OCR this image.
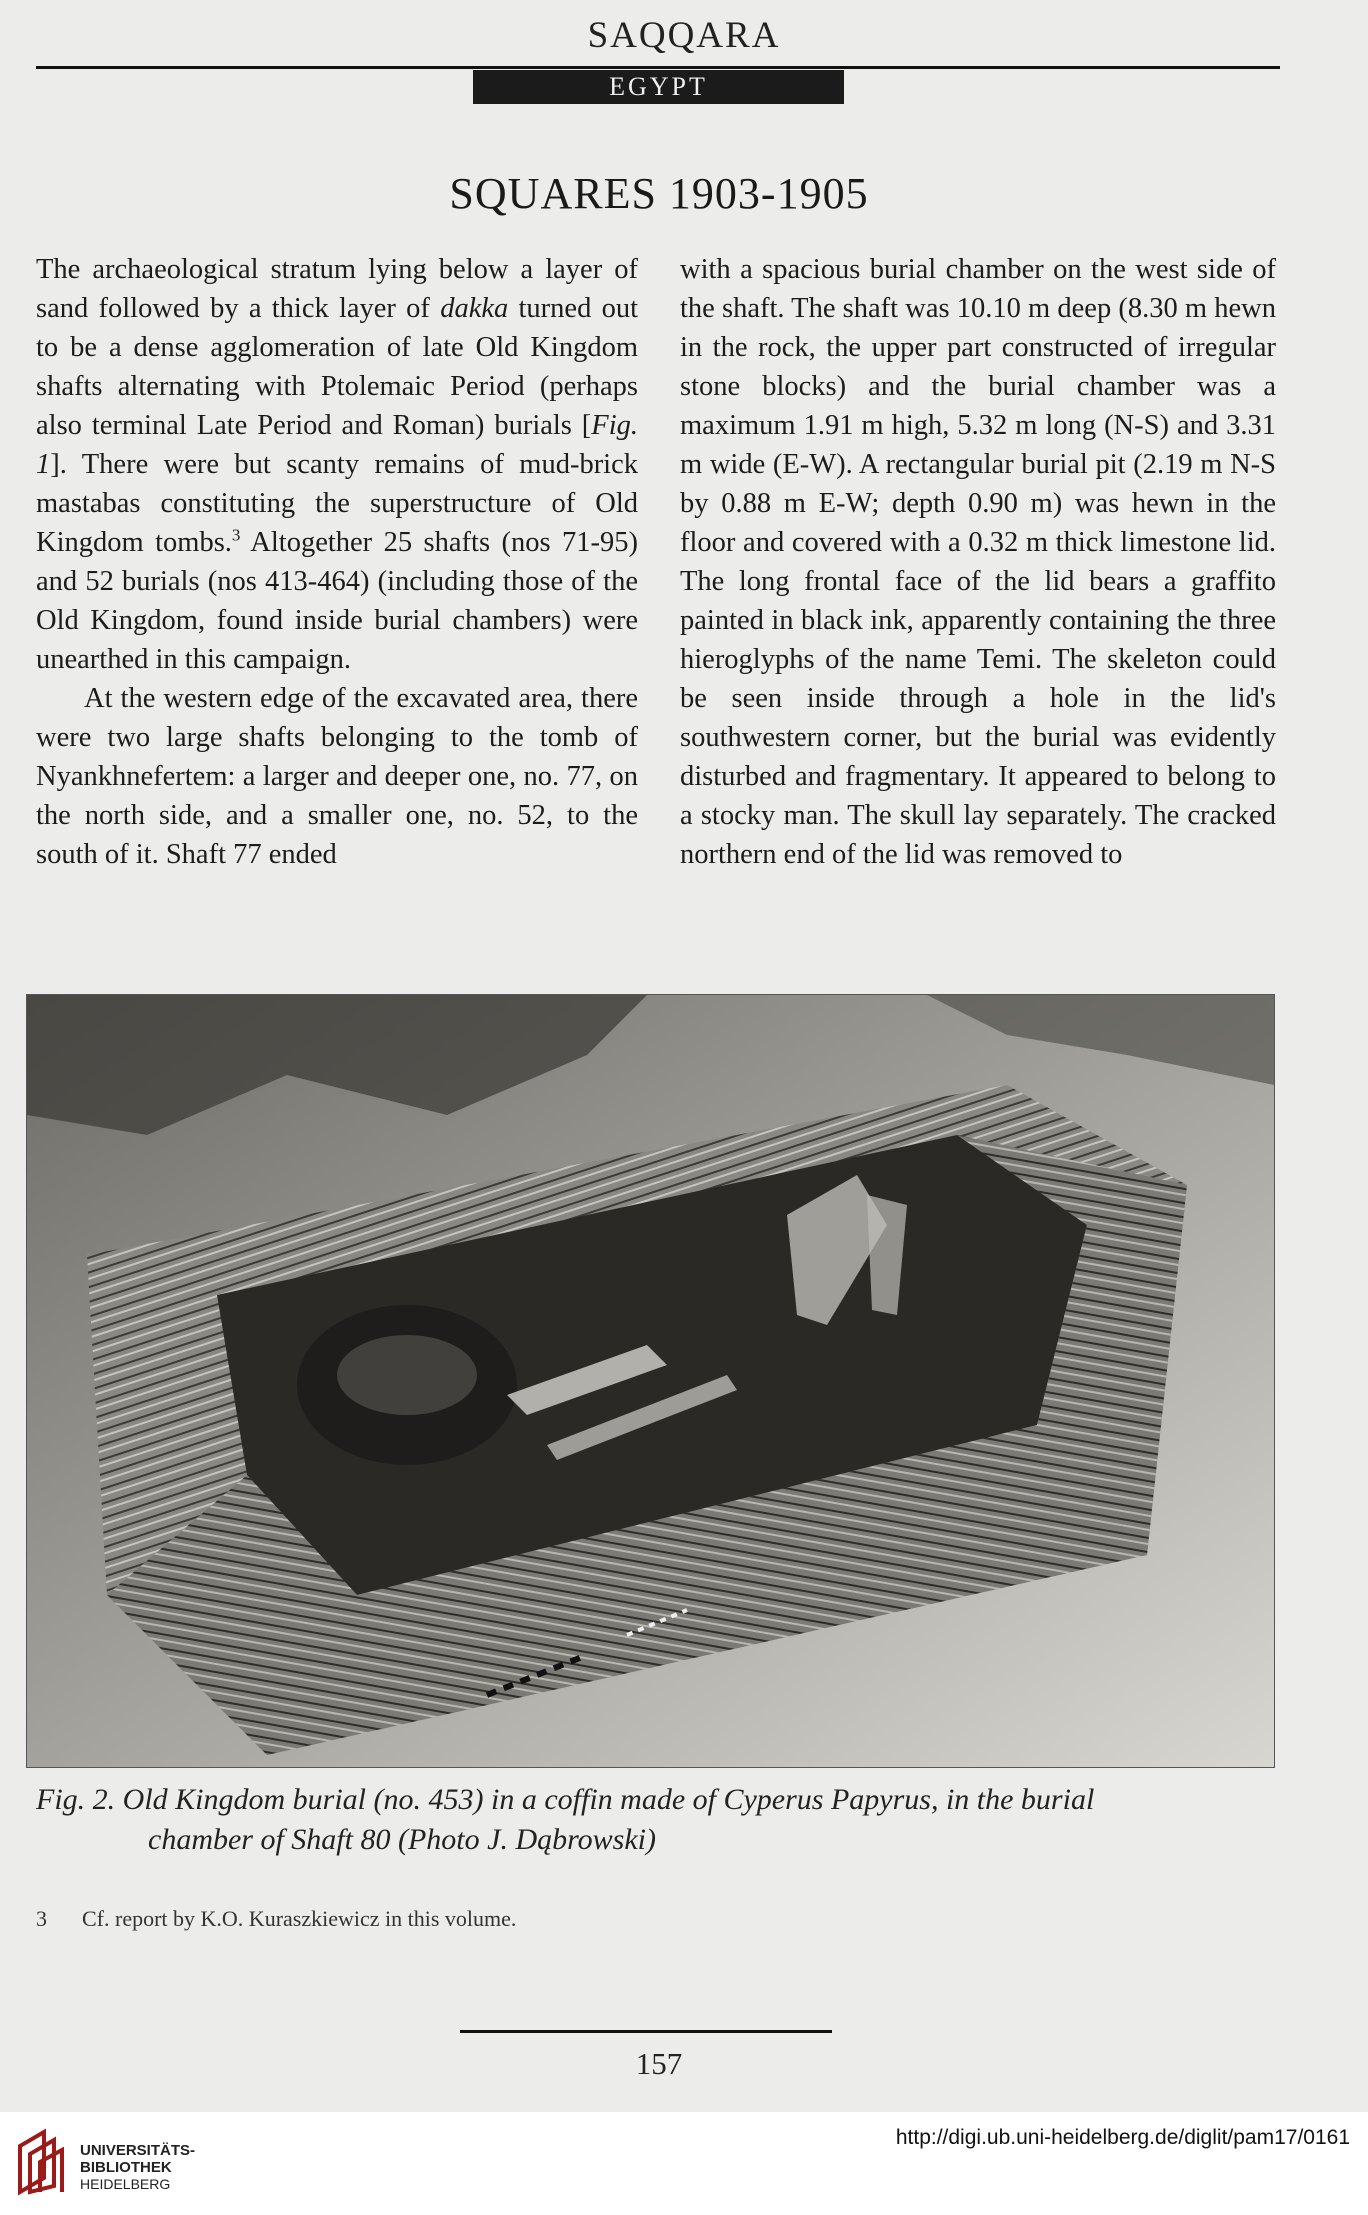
SAQQARA
EGYPT
SQUARES 1903-1905

The archaeological stratum lying below a layer of sand followed by a thick layer of dakka turned out to be a dense agglomeration of late Old Kingdom shafts alternating with Ptolemaic Period (perhaps also terminal Late Period and Roman) burials [Fig. 1]. There were but scanty remains of mud-brick mastabas constituting the superstructure of Old Kingdom tombs.$^3$ Altogether 25 shafts (nos 71-95) and 52 burials (nos 413-464) (including those of the Old Kingdom, found inside burial chambers) were unearthed in this campaign.

At the western edge of the excavated area, there were two large shafts belonging to the tomb of Nyankhnefertem: a larger and deeper one, no. 77, on the north side, and a smaller one, no. 52, to the south of it. Shaft 77 ended

with a spacious burial chamber on the west side of the shaft. The shaft was 10.10 m deep (8.30 m hewn in the rock, the upper part constructed of irregular stone blocks) and the burial chamber was a maximum 1.91 m high, 5.32 m long (N-S) and 3.31 m wide (E-W). A rectangular burial pit (2.19 m N-S by 0.88 m E-W; depth 0.90 m) was hewn in the floor and covered with a 0.32 m thick limestone lid. The long frontal face of the lid bears a graffito painted in black ink, apparently containing the three hieroglyphs of the name Temi. The skeleton could be seen inside through a hole in the lid's southwestern corner, but the burial was evidently disturbed and fragmentary. It appeared to belong to a stocky man. The skull lay separately. The cracked northern end of the lid was removed to

Fig. 2. Old Kingdom burial (no. 453) in a coffin made of Cyperus Papyrus, in the burial
chamber of Shaft 80 (Photo J. Dąbrowski)
3 Cf. report by K.O. Kuraszkiewicz in this volume.
157
UNIVERSITÄTS-
BIBLIOTHEK
HEIDELBERG
http://digi.ub.uni-heidelberg.de/diglit/pam17/0161
